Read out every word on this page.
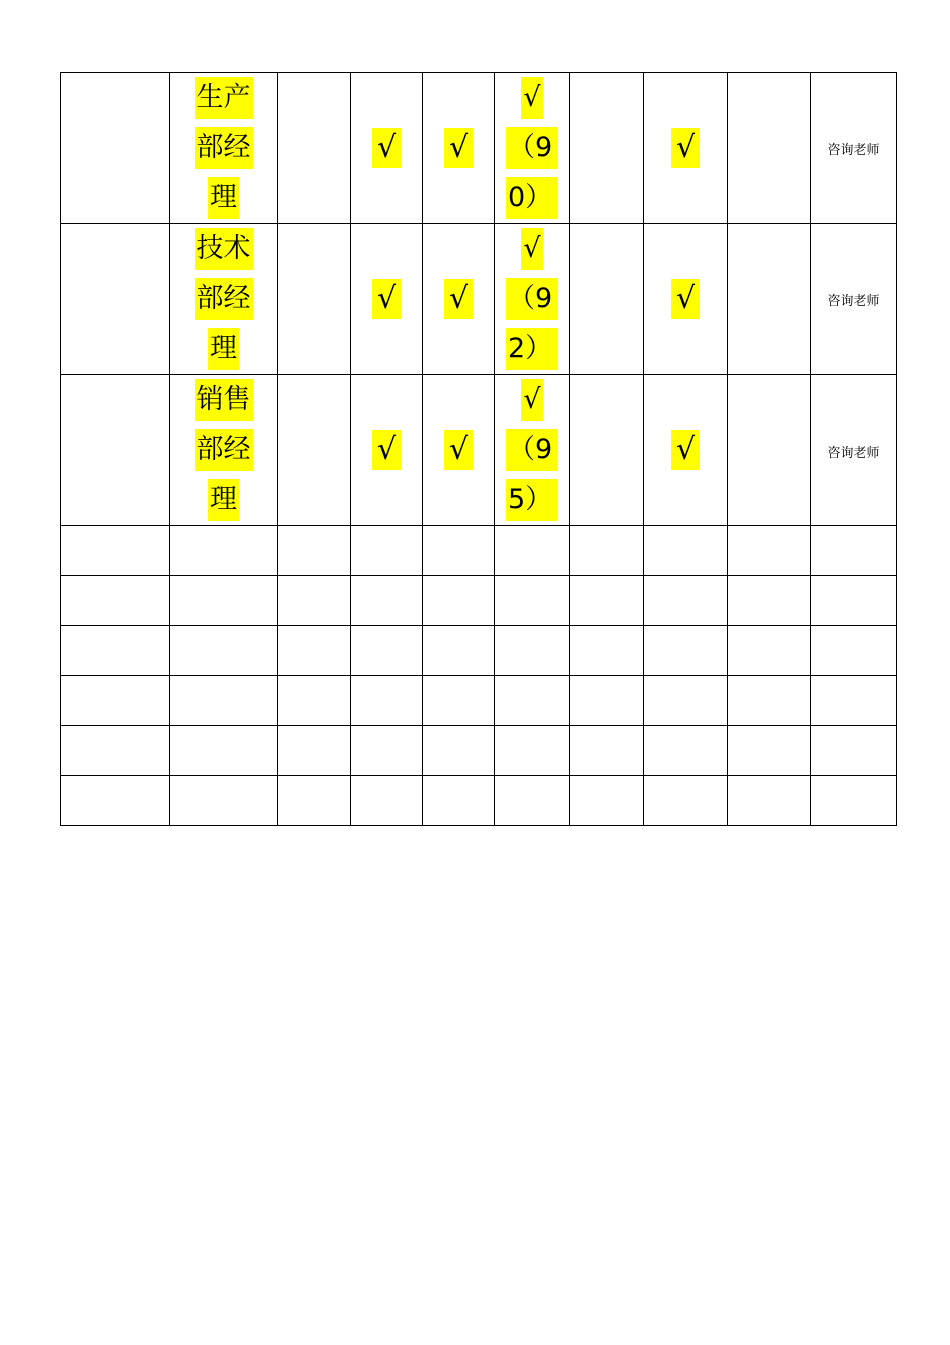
	生产
部经
理		√	√	√
（9
0）		√		咨询老师

	技术
部经
理		√	√	√
（9
2）		√		咨询老师

	销售
部经
理		√	√	√
（9
5）		√		咨询老师
